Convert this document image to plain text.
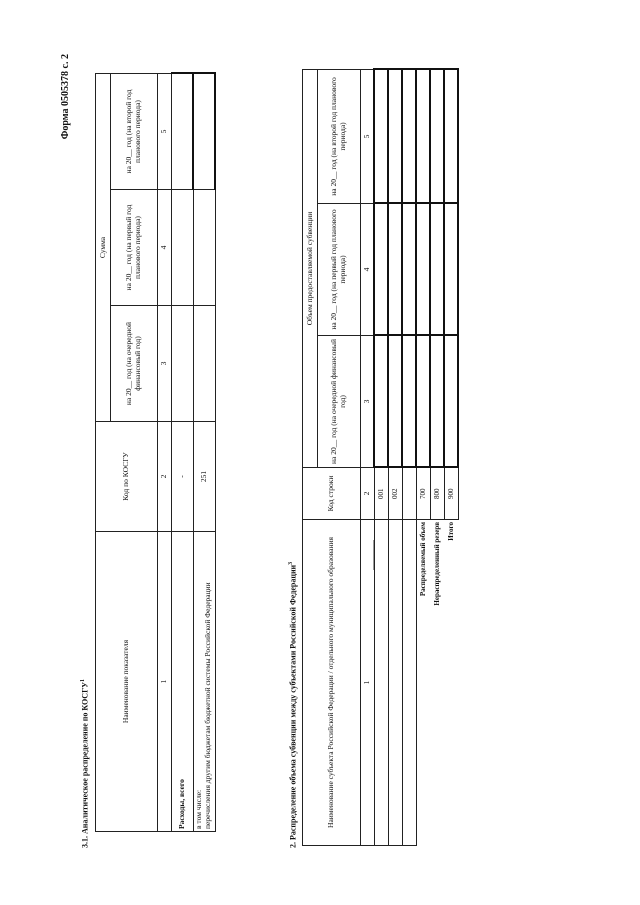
Форма 0505378 с. 2
3.1. Аналитическое распределение по КОСГУ$^1$	Наименование показателя	Код по КОСГУ	Сумма		
		на 20__ год (на очередной финансовый год)	на 20__ год (на первый год планового периода)	на 20__ год (на второй год планового периода)
1	2	3	4	5
Расходы, всего	-			
в том числе:
перечисления другим бюджетам бюджетной системы Российской Федерации	251			
2. Распределение объема субвенции между субъектами Российской Федерации$^3$	Наименование субъекта Российской Федерации / отдельного муниципального образования	Код строки	Объем предоставляемой субвенции		
		на 20__ год (на очередной финансовый год)	на 20__ год (на первый год планового периода)	на 20__ год (на второй год планового периода)
1	2	3	4	5
	001			
	002			

Распределяемый объем	700			
Нераспределенный резерв	800			
Итого	900			
